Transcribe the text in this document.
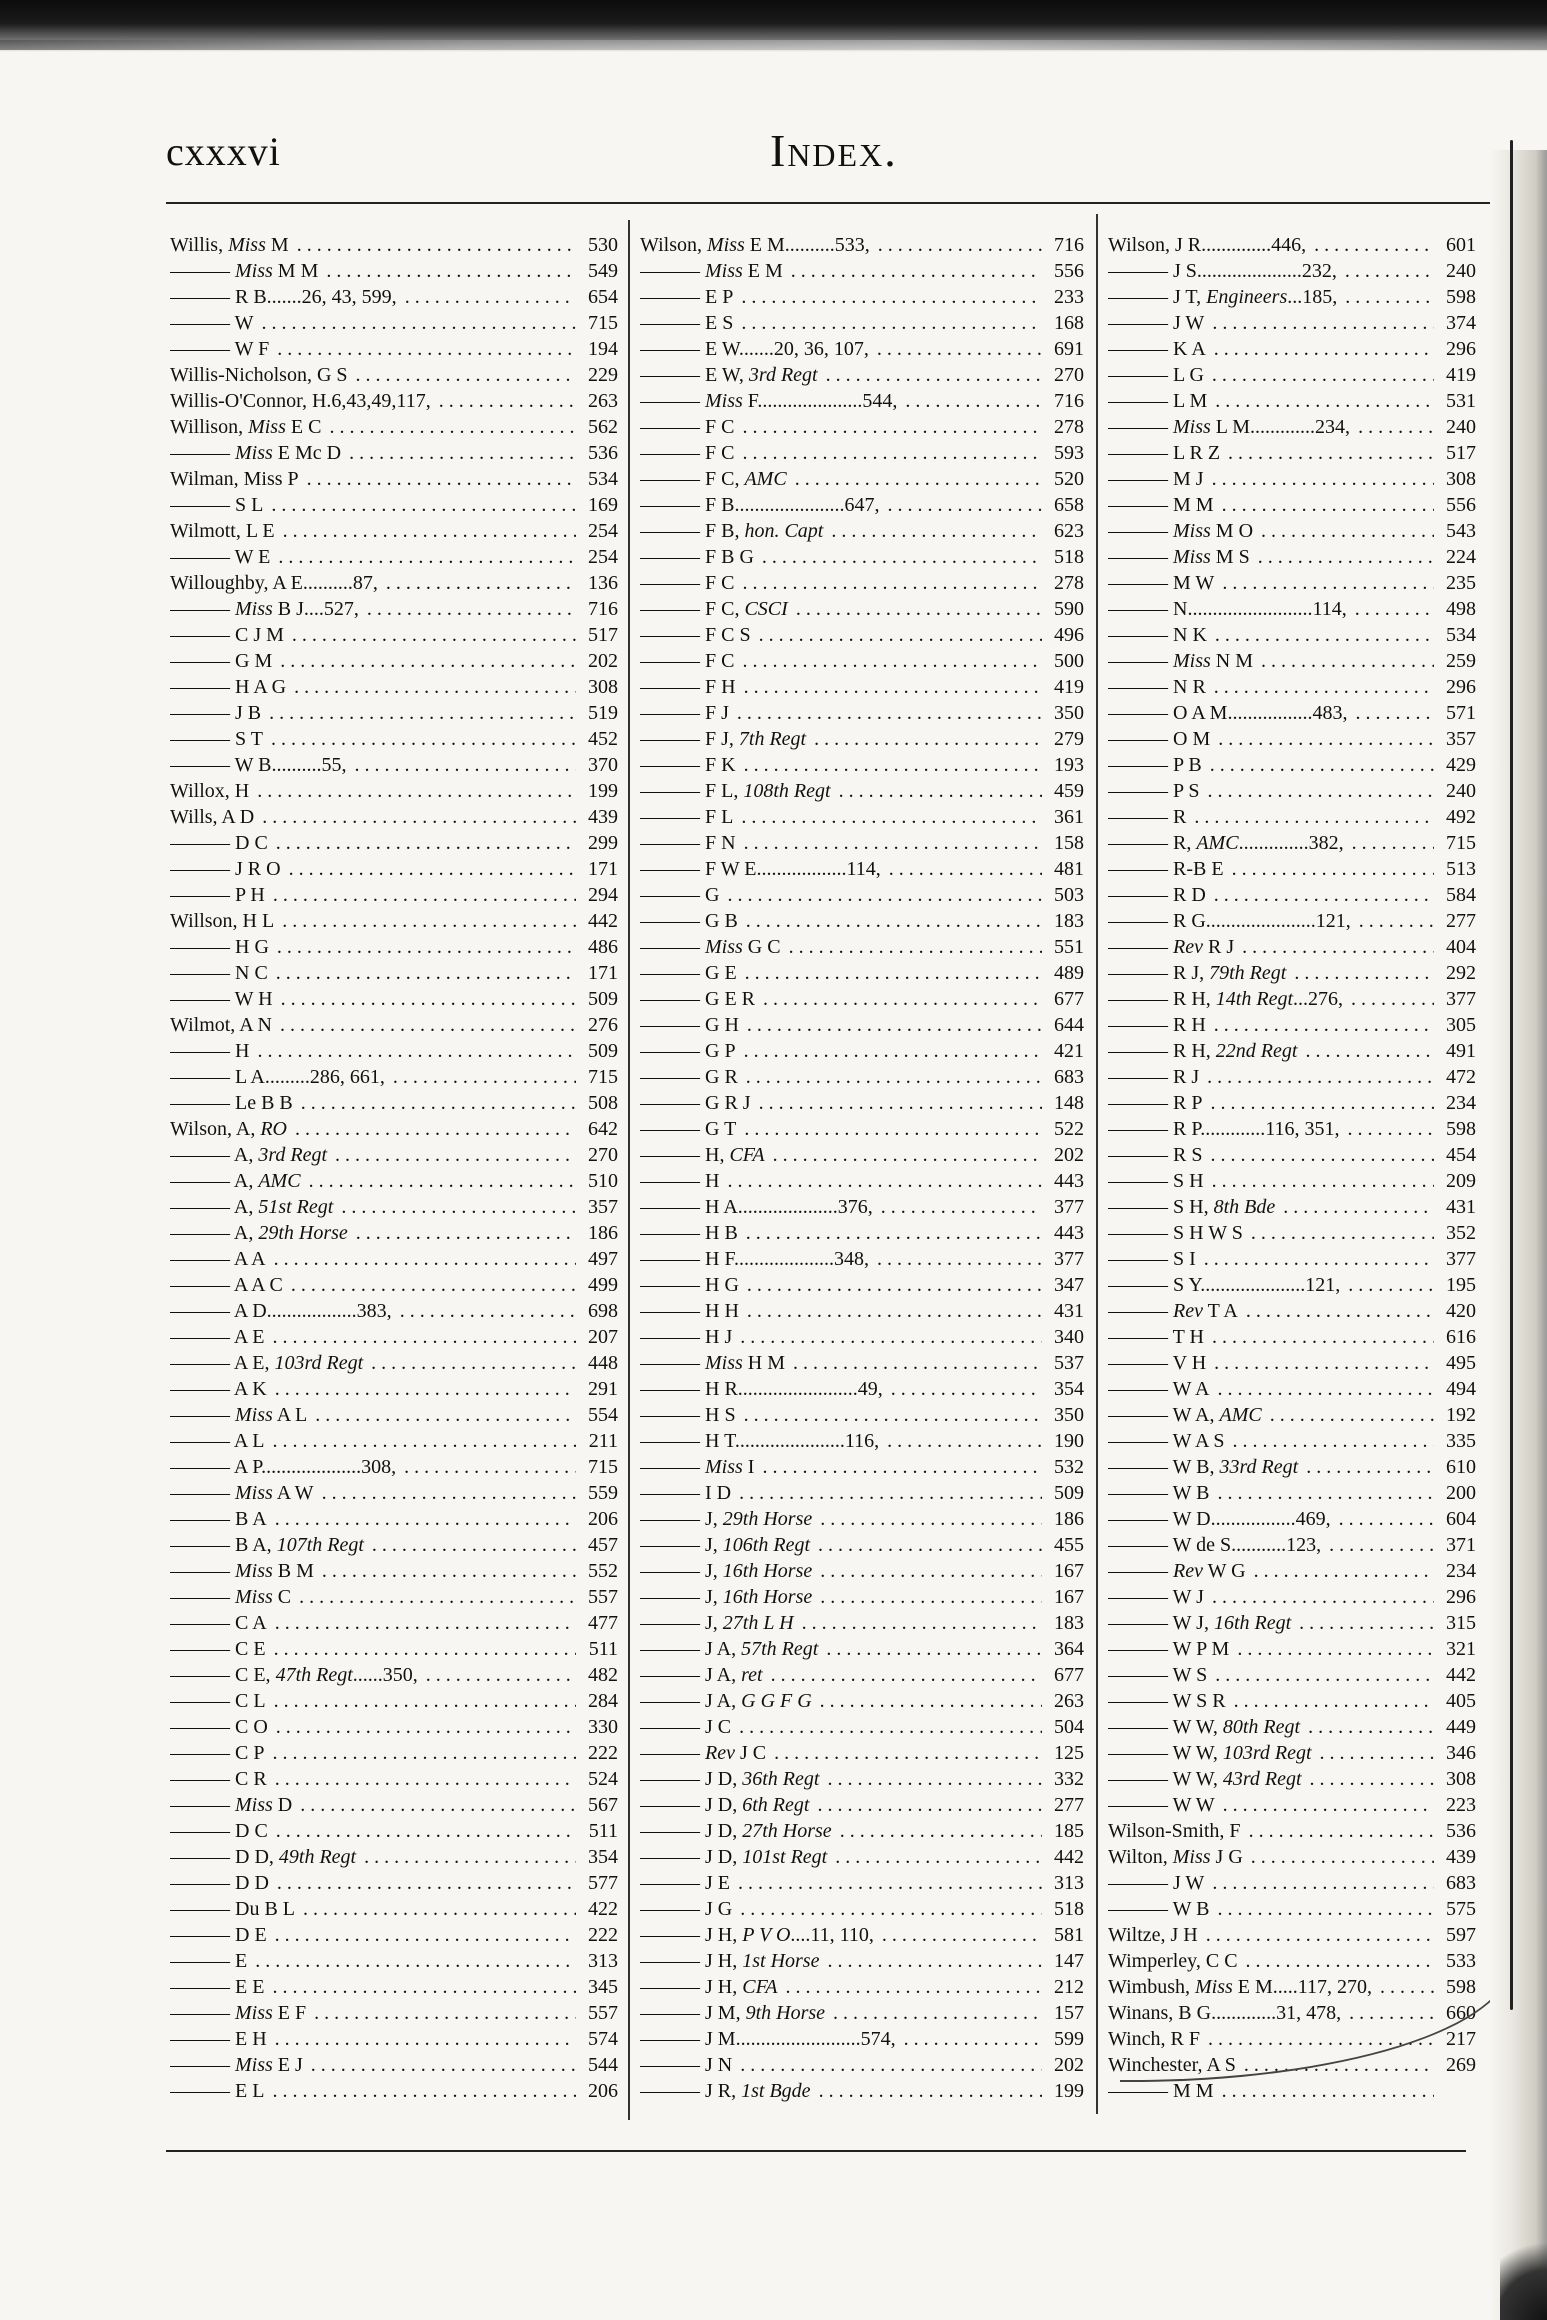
cxxxvi	Index.
Willis, Miss M . . .	530
——— Miss M M . . .	549
——— R B.......26, 43, 599, . . .	654
——— W . . .	715
——— W F . . .	194
Willis-Nicholson, G S . . .	229
Willis-O'Connor, H.6,43,49,117, . . .	263
Willison, Miss E C . . .	562
——— Miss E Mc D . . .	536
Wilman, Miss P . . .	534
——— S L . . .	169
Wilmott, L E . . .	254
——— W E . . .	254
Willoughby, A E..........87, . . .	136
——— Miss B J....527, . . .	716
——— C J M . . .	517
——— G M . . .	202
——— H A G . . .	308
——— J B . . .	519
——— S T . . .	452
——— W B..........55, . . .	370
Willox, H . . .	199
Wills, A D . . .	439
——— D C . . .	299
——— J R O . . .	171
——— P H . . .	294
Willson, H L . . .	442
——— H G . . .	486
——— N C . . .	171
——— W H . . .	509
Wilmot, A N . . .	276
——— H . . .	509
——— L A.........286, 661, . . .	715
——— Le B B . . .	508
Wilson, A, RO . . .	642
——— A, 3rd Regt . . .	270
——— A, AMC . . .	510
——— A, 51st Regt . . .	357
——— A, 29th Horse . . .	186
——— A A . . .	497
——— A A C . . .	499
——— A D..................383, . . .	698
——— A E . . .	207
——— A E, 103rd Regt . . .	448
——— A K . . .	291
——— Miss A L . . .	554
——— A L . . .	211
——— A P....................308, . . .	715
——— Miss A W . . .	559
——— B A . . .	206
——— B A, 107th Regt . . .	457
——— Miss B M . . .	552
——— Miss C . . .	557
——— C A . . .	477
——— C E . . .	511
——— C E, 47th Regt......350, . . .	482
——— C L . . .	284
——— C O . . .	330
——— C P . . .	222
——— C R . . .	524
——— Miss D . . .	567
——— D C . . .	511
——— D D, 49th Regt . . .	354
——— D D . . .	577
——— Du B L . . .	422
——— D E . . .	222
——— E . . .	313
——— E E . . .	345
——— Miss E F . . .	557
——— E H . . .	574
——— Miss E J . . .	544
——— E L . . .	206
Wilson, Miss E M..........533, . . .	716
——— Miss E M . . .	556
——— E P . . .	233
——— E S . . .	168
——— E W.......20, 36, 107, . . .	691
——— E W, 3rd Regt . . .	270
——— Miss F.....................544, . . .	716
——— F C . . .	278
——— F C . . .	593
——— F C, AMC . . .	520
——— F B......................647, . . .	658
——— F B, hon. Capt . . .	623
——— F B G . . .	518
——— F C . . .	278
——— F C, CSCI . . .	590
——— F C S . . .	496
——— F C . . .	500
——— F H . . .	419
——— F J . . .	350
——— F J, 7th Regt . . .	279
——— F K . . .	193
——— F L, 108th Regt . . .	459
——— F L . . .	361
——— F N . . .	158
——— F W E..................114, . . .	481
——— G . . .	503
——— G B . . .	183
——— Miss G C . . .	551
——— G E . . .	489
——— G E R . . .	677
——— G H . . .	644
——— G P . . .	421
——— G R . . .	683
——— G R J . . .	148
——— G T . . .	522
——— H, CFA . . .	202
——— H . . .	443
——— H A....................376, . . .	377
——— H B . . .	443
——— H F....................348, . . .	377
——— H G . . .	347
——— H H . . .	431
——— H J . . .	340
——— Miss H M . . .	537
——— H R........................49, . . .	354
——— H S . . .	350
——— H T......................116, . . .	190
——— Miss I . . .	532
——— I D . . .	509
——— J, 29th Horse . . .	186
——— J, 106th Regt . . .	455
——— J, 16th Horse . . .	167
——— J, 16th Horse . . .	167
——— J, 27th L H . . .	183
——— J A, 57th Regt . . .	364
——— J A, ret . . .	677
——— J A, G G F G . . .	263
——— J C . . .	504
——— Rev J C . . .	125
——— J D, 36th Regt . . .	332
——— J D, 6th Regt . . .	277
——— J D, 27th Horse . . .	185
——— J D, 101st Regt . . .	442
——— J E . . .	313
——— J G . . .	518
——— J H, P V O....11, 110, . . .	581
——— J H, 1st Horse . . .	147
——— J H, CFA . . .	212
——— J M, 9th Horse . . .	157
——— J M.........................574, . . .	599
——— J N . . .	202
——— J R, 1st Bgde . . .	199
Wilson, J R..............446, . . .	601
——— J S.....................232, . . .	240
——— J T, Engineers...185, . . .	598
——— J W . . .	374
——— K A . . .	296
——— L G . . .	419
——— L M . . .	531
——— Miss L M.............234, . . .	240
——— L R Z . . .	517
——— M J . . .	308
——— M M . . .	556
——— Miss M O . . .	543
——— Miss M S . . .	224
——— M W . . .	235
——— N.........................114, . . .	498
——— N K . . .	534
——— Miss N M . . .	259
——— N R . . .	296
——— O A M.................483, . . .	571
——— O M . . .	357
——— P B . . .	429
——— P S . . .	240
——— R . . .	492
——— R, AMC..............382, . . .	715
——— R-B E . . .	513
——— R D . . .	584
——— R G......................121, . . .	277
——— Rev R J . . .	404
——— R J, 79th Regt . . .	292
——— R H, 14th Regt...276, . . .	377
——— R H . . .	305
——— R H, 22nd Regt . . .	491
——— R J . . .	472
——— R P . . .	234
——— R P.............116, 351, . . .	598
——— R S . . .	454
——— S H . . .	209
——— S H, 8th Bde . . .	431
——— S H W S . . .	352
——— S I . . .	377
——— S Y.....................121, . . .	195
——— Rev T A . . .	420
——— T H . . .	616
——— V H . . .	495
——— W A . . .	494
——— W A, AMC . . .	192
——— W A S . . .	335
——— W B, 33rd Regt . . .	610
——— W B . . .	200
——— W D.................469, . . .	604
——— W de S...........123, . . .	371
——— Rev W G . . .	234
——— W J . . .	296
——— W J, 16th Regt . . .	315
——— W P M . . .	321
——— W S . . .	442
——— W S R . . .	405
——— W W, 80th Regt . . .	449
——— W W, 103rd Regt . . .	346
——— W W, 43rd Regt . . .	308
——— W W . . .	223
Wilson-Smith, F . . .	536
Wilton, Miss J G . . .	439
——— J W . . .	683
——— W B . . .	575
Wiltze, J H . . .	597
Wimperley, C C . . .	533
Wimbush, Miss E M.....117, 270, . . .	598
Winans, B G.............31, 478, . . .	660
Winch, R F . . .	217
Winchester, A S . . .	269
——— M M . . .
